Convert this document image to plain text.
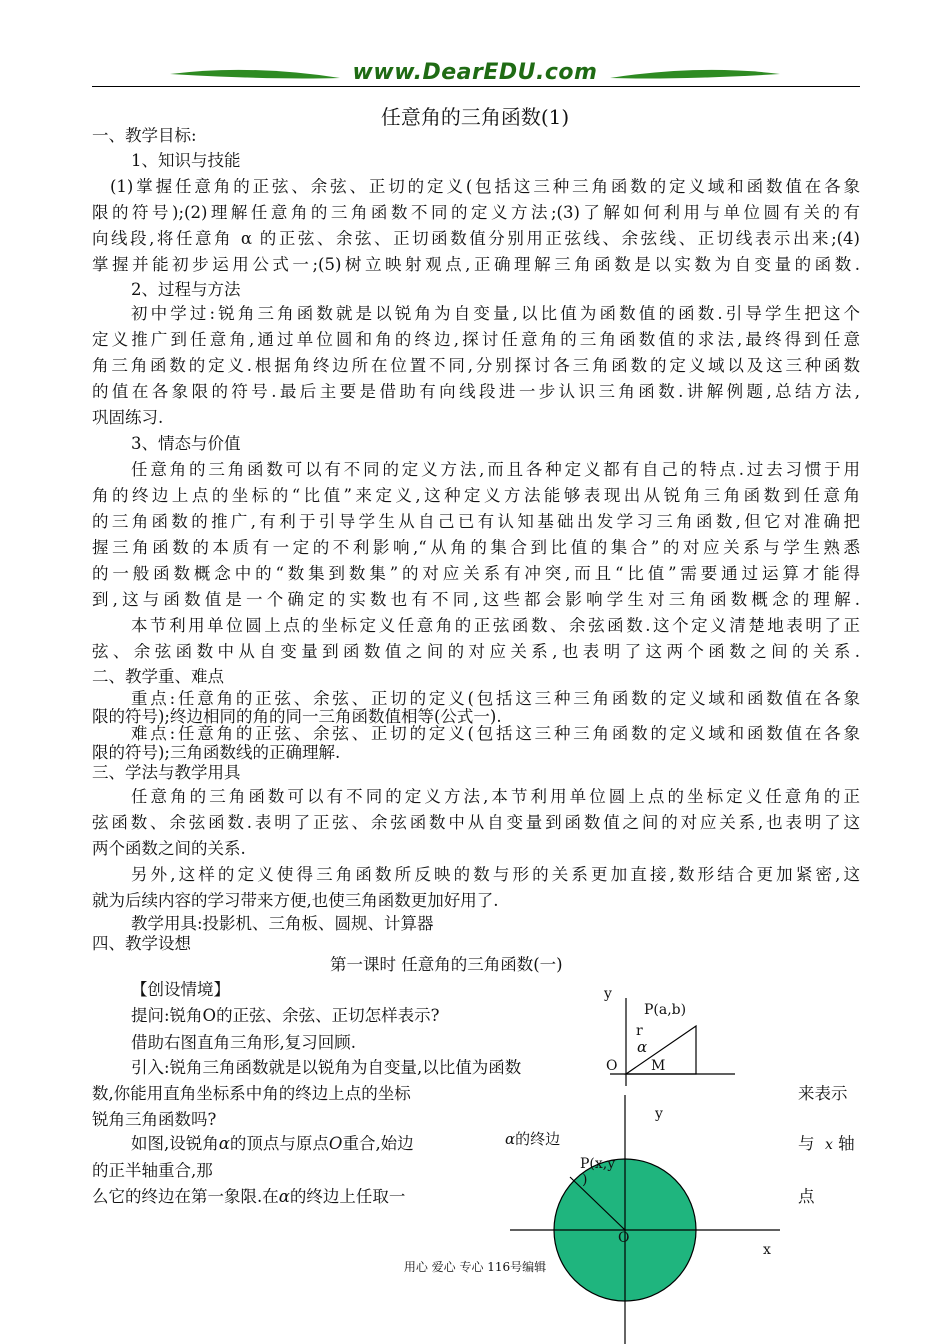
www.DearEDU.com
任意角的三角函数(1)
一、教学目标:
1、知识与技能
(1)掌握任意角的正弦、余弦、正切的定义(包括这三种三角函数的定义域和函数值在各象
限的符号);(2)理解任意角的三角函数不同的定义方法;(3)了解如何利用与单位圆有关的有
向线段,将任意角 α 的正弦、余弦、正切函数值分别用正弦线、余弦线、正切线表示出来;(4)
掌握并能初步运用公式一;(5)树立映射观点,正确理解三角函数是以实数为自变量的函数.
2、过程与方法
初中学过:锐角三角函数就是以锐角为自变量,以比值为函数值的函数.引导学生把这个
定义推广到任意角,通过单位圆和角的终边,探讨任意角的三角函数值的求法,最终得到任意
角三角函数的定义.根据角终边所在位置不同,分别探讨各三角函数的定义域以及这三种函数
的值在各象限的符号.最后主要是借助有向线段进一步认识三角函数.讲解例题,总结方法,
巩固练习.
3、情态与价值
任意角的三角函数可以有不同的定义方法,而且各种定义都有自己的特点.过去习惯于用
角的终边上点的坐标的“比值”来定义,这种定义方法能够表现出从锐角三角函数到任意角
的三角函数的推广,有利于引导学生从自己已有认知基础出发学习三角函数,但它对准确把
握三角函数的本质有一定的不利影响,“从角的集合到比值的集合”的对应关系与学生熟悉
的一般函数概念中的“数集到数集”的对应关系有冲突,而且“比值”需要通过运算才能得
到,这与函数值是一个确定的实数也有不同,这些都会影响学生对三角函数概念的理解.
本节利用单位圆上点的坐标定义任意角的正弦函数、余弦函数.这个定义清楚地表明了正
弦、余弦函数中从自变量到函数值之间的对应关系,也表明了这两个函数之间的关系.
二、教学重、难点
重点:任意角的正弦、余弦、正切的定义(包括这三种三角函数的定义域和函数值在各象
限的符号);终边相同的角的同一三角函数值相等(公式一).
难点:任意角的正弦、余弦、正切的定义(包括这三种三角函数的定义域和函数值在各象
限的符号);三角函数线的正确理解.
三、学法与教学用具
任意角的三角函数可以有不同的定义方法,本节利用单位圆上点的坐标定义任意角的正
弦函数、余弦函数.表明了正弦、余弦函数中从自变量到函数值之间的对应关系,也表明了这
两个函数之间的关系.
另外,这样的定义使得三角函数所反映的数与形的关系更加直接,数形结合更加紧密,这
就为后续内容的学习带来方便,也使三角函数更加好用了.
教学用具:投影机、三角板、圆规、计算器
四、教学设想
第一课时 任意角的三角函数(一)
【创设情境】
提问:锐角O的正弦、余弦、正切怎样表示?
借助右图直角三角形,复习回顾.
引入:锐角三角函数就是以锐角为自变量,以比值为函数
数,你能用直角坐标系中角的终边上点的坐标	来表示
锐角三角函数吗?
如图,设锐角α的顶点与原点O重合,始边	与 x 轴
的正半轴重合,那
么它的终边在第一象限.在α的终边上任取一	点
y
P(a,b)
r
α
O M
y
α的终边
P(x,y
)
O
x
用心 爱心 专心 116号编辑
